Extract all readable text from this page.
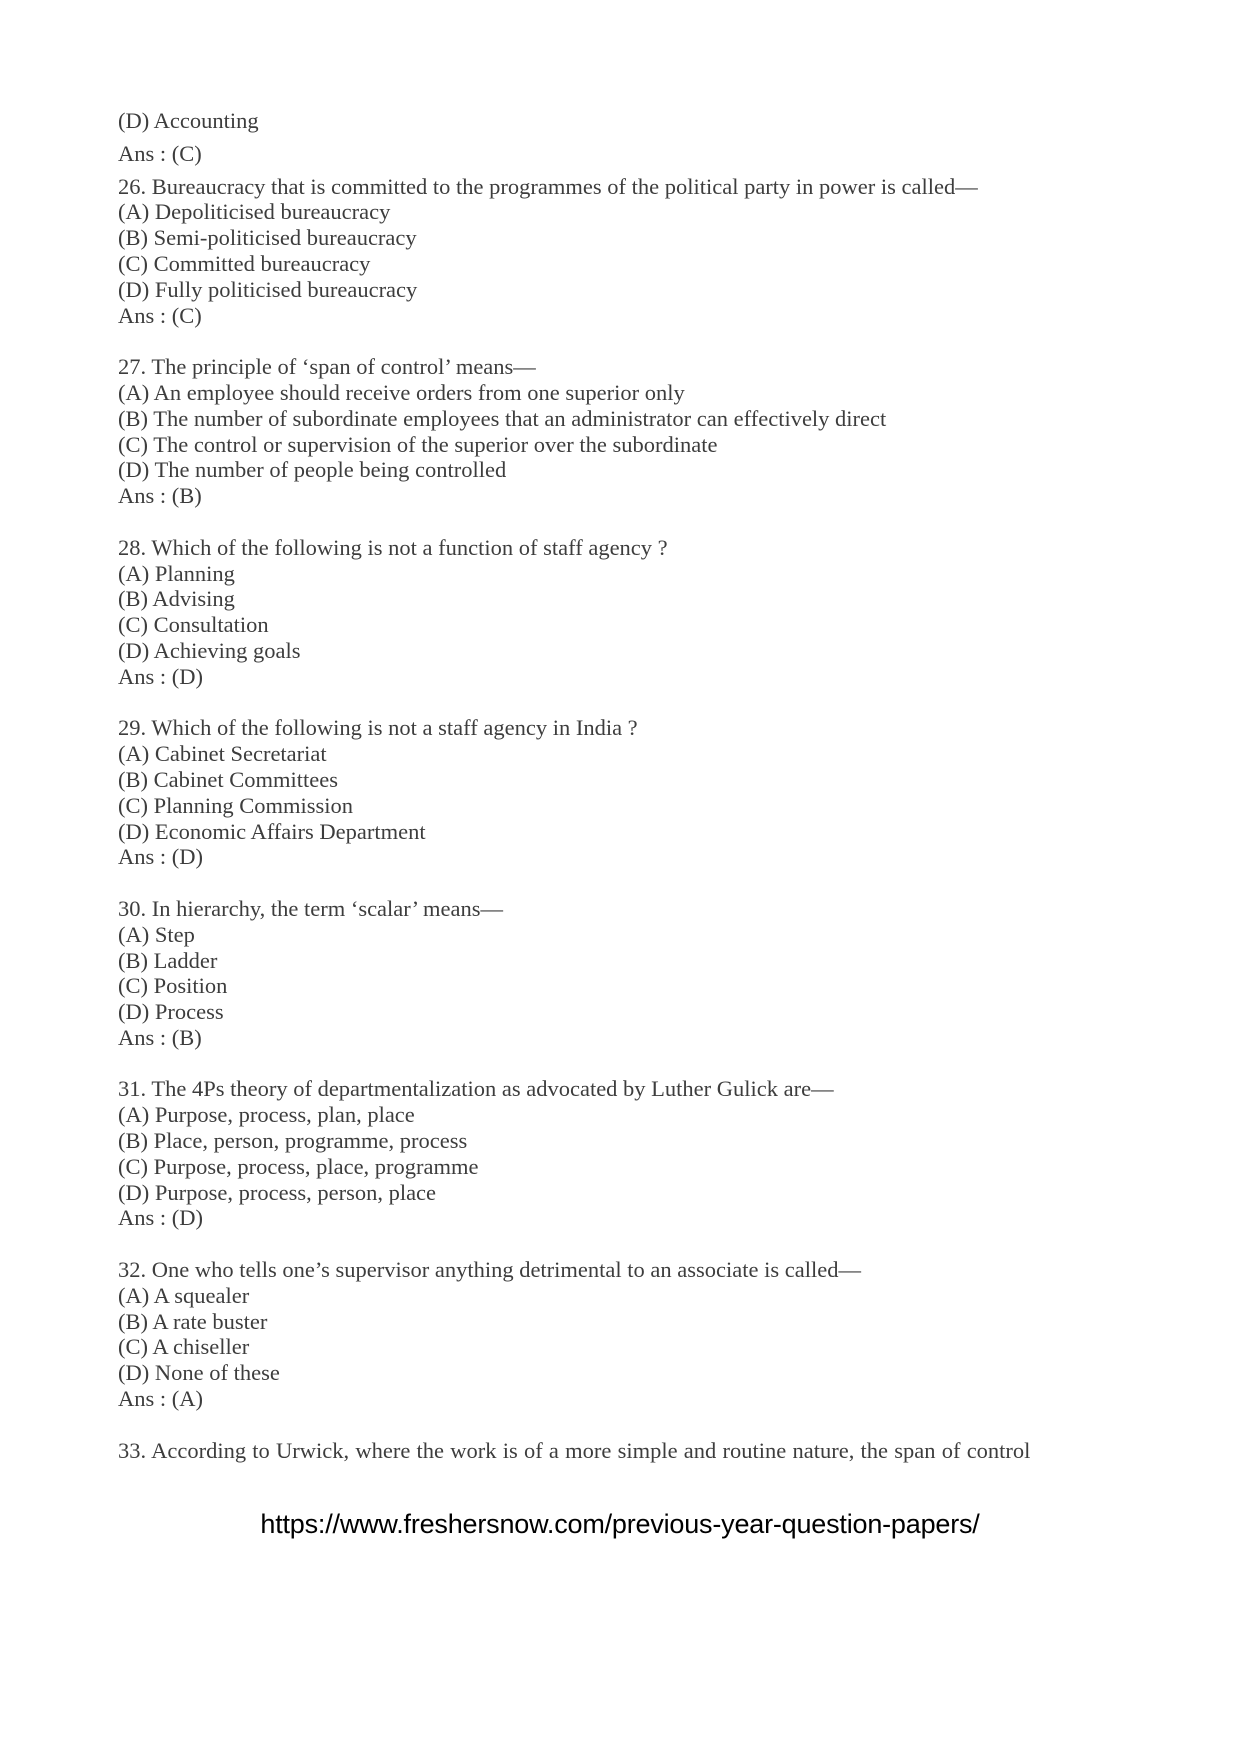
(D) Accounting
Ans : (C)
26. Bureaucracy that is committed to the programmes of the political party in power is called—
(A) Depoliticised bureaucracy
(B) Semi-politicised bureaucracy
(C) Committed bureaucracy
(D) Fully politicised bureaucracy
Ans : (C)
27. The principle of ‘span of control’ means—
(A) An employee should receive orders from one superior only
(B) The number of subordinate employees that an administrator can effectively direct
(C) The control or supervision of the superior over the subordinate
(D) The number of people being controlled
Ans : (B)
28. Which of the following is not a function of staff agency ?
(A) Planning
(B) Advising
(C) Consultation
(D) Achieving goals
Ans : (D)
29. Which of the following is not a staff agency in India ?
(A) Cabinet Secretariat
(B) Cabinet Committees
(C) Planning Commission
(D) Economic Affairs Department
Ans : (D)
30. In hierarchy, the term ‘scalar’ means—
(A) Step
(B) Ladder
(C) Position
(D) Process
Ans : (B)
31. The 4Ps theory of departmentalization as advocated by Luther Gulick are—
(A) Purpose, process, plan, place
(B) Place, person, programme, process
(C) Purpose, process, place, programme
(D) Purpose, process, person, place
Ans : (D)
32. One who tells one’s supervisor anything detrimental to an associate is called—
(A) A squealer
(B) A rate buster
(C) A chiseller
(D) None of these
Ans : (A)
33. According to Urwick, where the work is of a more simple and routine nature, the span of control
https://www.freshersnow.com/previous-year-question-papers/
